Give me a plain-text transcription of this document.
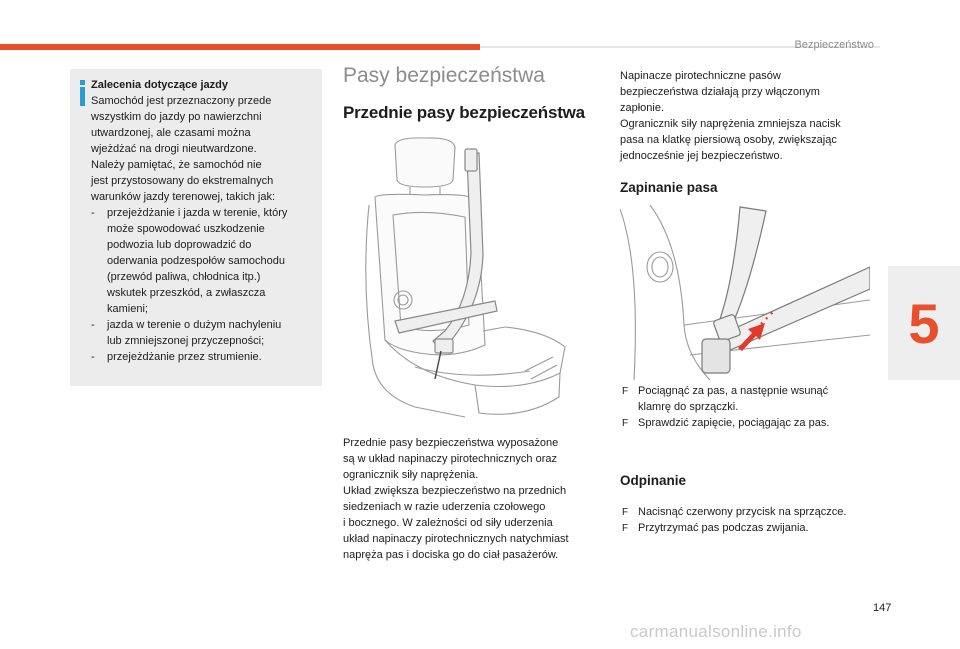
Bezpieczeństwo
5
Zalecenia dotyczące jazdy
Samochód jest przeznaczony przede
wszystkim do jazdy po nawierzchni
utwardzonej, ale czasami można
wjeżdżać na drogi nieutwardzone.
Należy pamiętać, że samochód nie
jest przystosowany do ekstremalnych
warunków jazdy terenowej, takich jak:
- przejeżdżanie i jazda w terenie, który
może spowodować uszkodzenie
podwozia lub doprowadzić do
oderwania podzespołów samochodu
(przewód paliwa, chłodnica itp.)
wskutek przeszkód, a zwłaszcza
kamieni;
- jazda w terenie o dużym nachyleniu
lub zmniejszonej przyczepności;
- przejeżdżanie przez strumienie.
Pasy bezpieczeństwa
Przednie pasy bezpieczeństwa
Przednie pasy bezpieczeństwa wyposażone
są w układ napinaczy pirotechnicznych oraz
ogranicznik siły naprężenia.
Układ zwiększa bezpieczeństwo na przednich
siedzeniach w razie uderzenia czołowego
i bocznego. W zależności od siły uderzenia
układ napinaczy pirotechnicznych natychmiast
napręża pas i dociska go do ciał pasażerów.
Napinacze pirotechniczne pasów
bezpieczeństwa działają przy włączonym
zapłonie.
Ogranicznik siły naprężenia zmniejsza nacisk
pasa na klatkę piersiową osoby, zwiększając
jednocześnie jej bezpieczeństwo.
Zapinanie pasa
F Pociągnąć za pas, a następnie wsunąć
klamrę do sprzączki.
F Sprawdzić zapięcie, pociągając za pas.
Odpinanie
F Nacisnąć czerwony przycisk na sprzączce.
F Przytrzymać pas podczas zwijania.
147
carmanualsonline.info
